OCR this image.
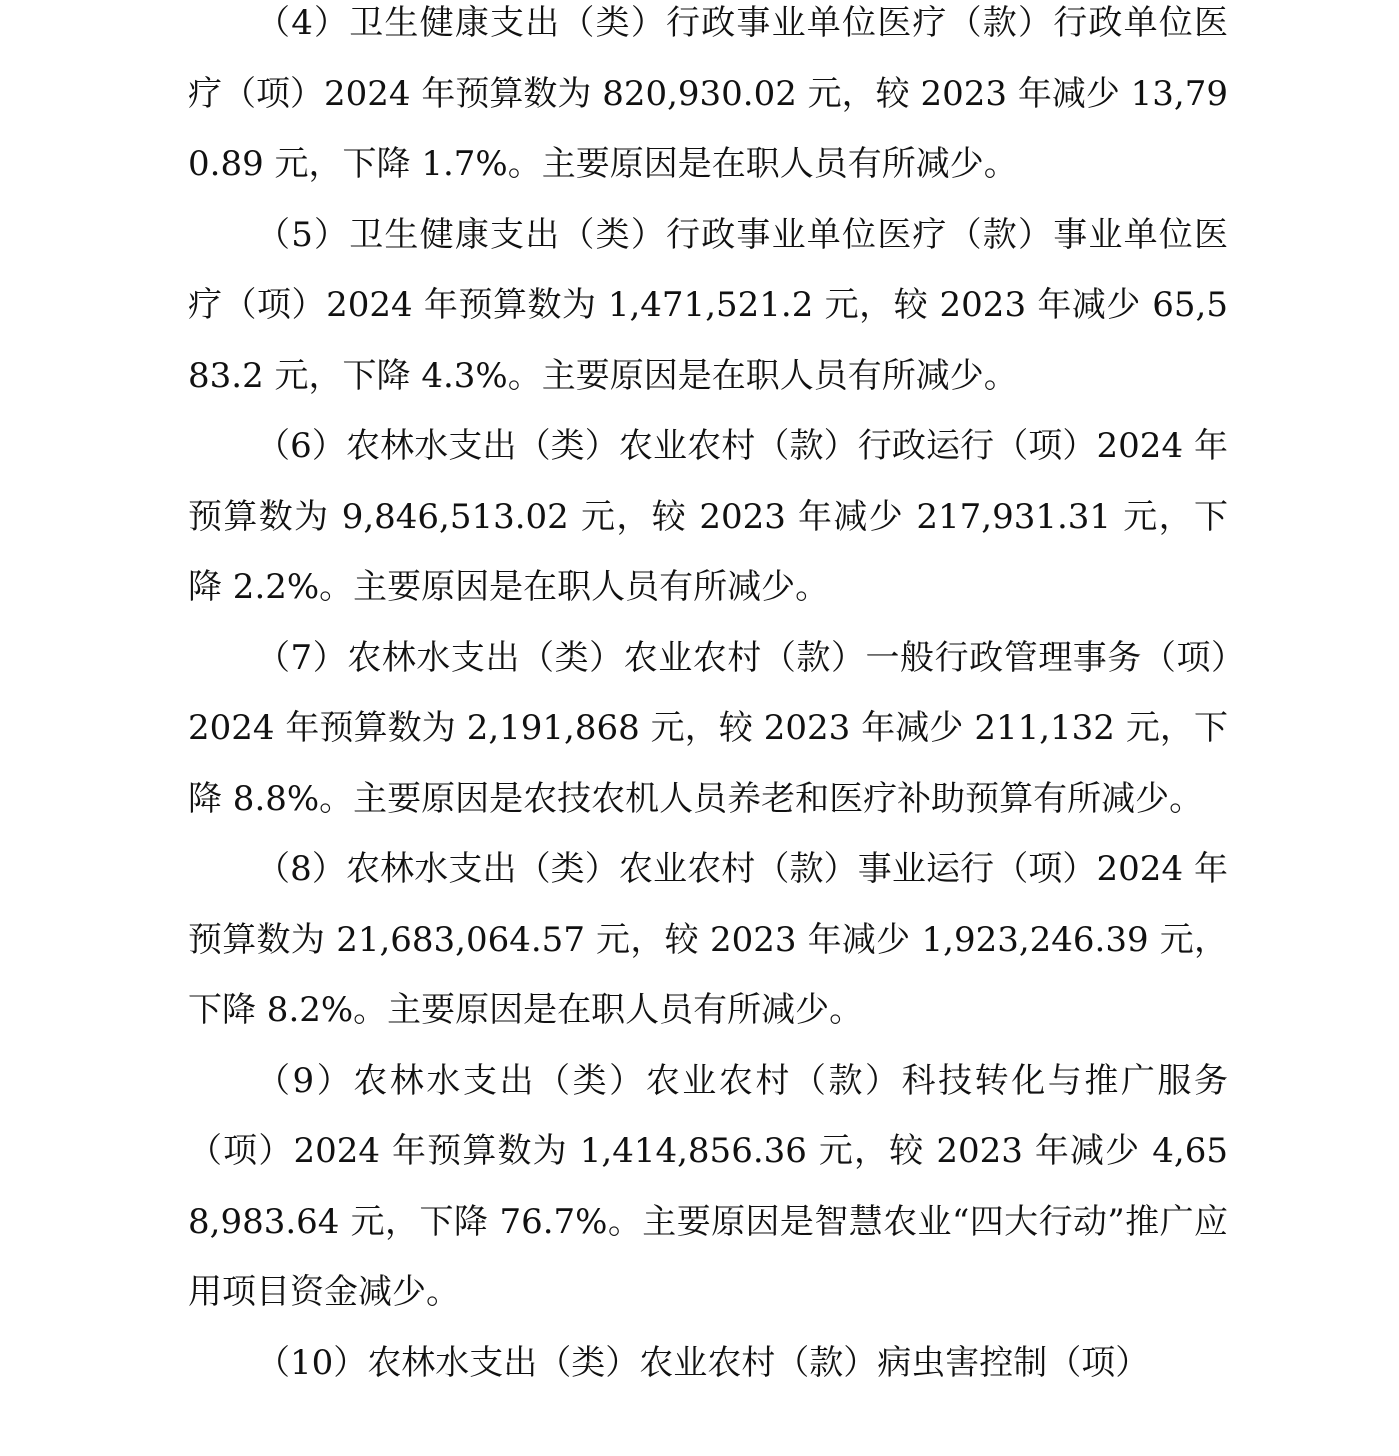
（4）卫生健康支出（类）行政事业单位医疗（款）行政单位医疗（项）2024 年预算数为 820,930.02 元，较 2023 年减少 13,790.89 元，下降 1.7%。主要原因是在职人员有所减少。

（5）卫生健康支出（类）行政事业单位医疗（款）事业单位医疗（项）2024 年预算数为 1,471,521.2 元，较 2023 年减少 65,583.2 元，下降 4.3%。主要原因是在职人员有所减少。

（6）农林水支出（类）农业农村（款）行政运行（项）2024 年预算数为 9,846,513.02 元，较 2023 年减少 217,931.31 元，下降 2.2%。主要原因是在职人员有所减少。

（7）农林水支出（类）农业农村（款）一般行政管理事务（项）2024 年预算数为 2,191,868 元，较 2023 年减少 211,132 元，下降 8.8%。主要原因是农技农机人员养老和医疗补助预算有所减少。

（8）农林水支出（类）农业农村（款）事业运行（项）2024 年预算数为 21,683,064.57 元，较 2023 年减少 1,923,246.39 元，下降 8.2%。主要原因是在职人员有所减少。

（9）农林水支出（类）农业农村（款）科技转化与推广服务（项）2024 年预算数为 1,414,856.36 元，较 2023 年减少 4,658,983.64 元，下降 76.7%。主要原因是智慧农业“四大行动”推广应用项目资金减少。

（10）农林水支出（类）农业农村（款）病虫害控制（项）
